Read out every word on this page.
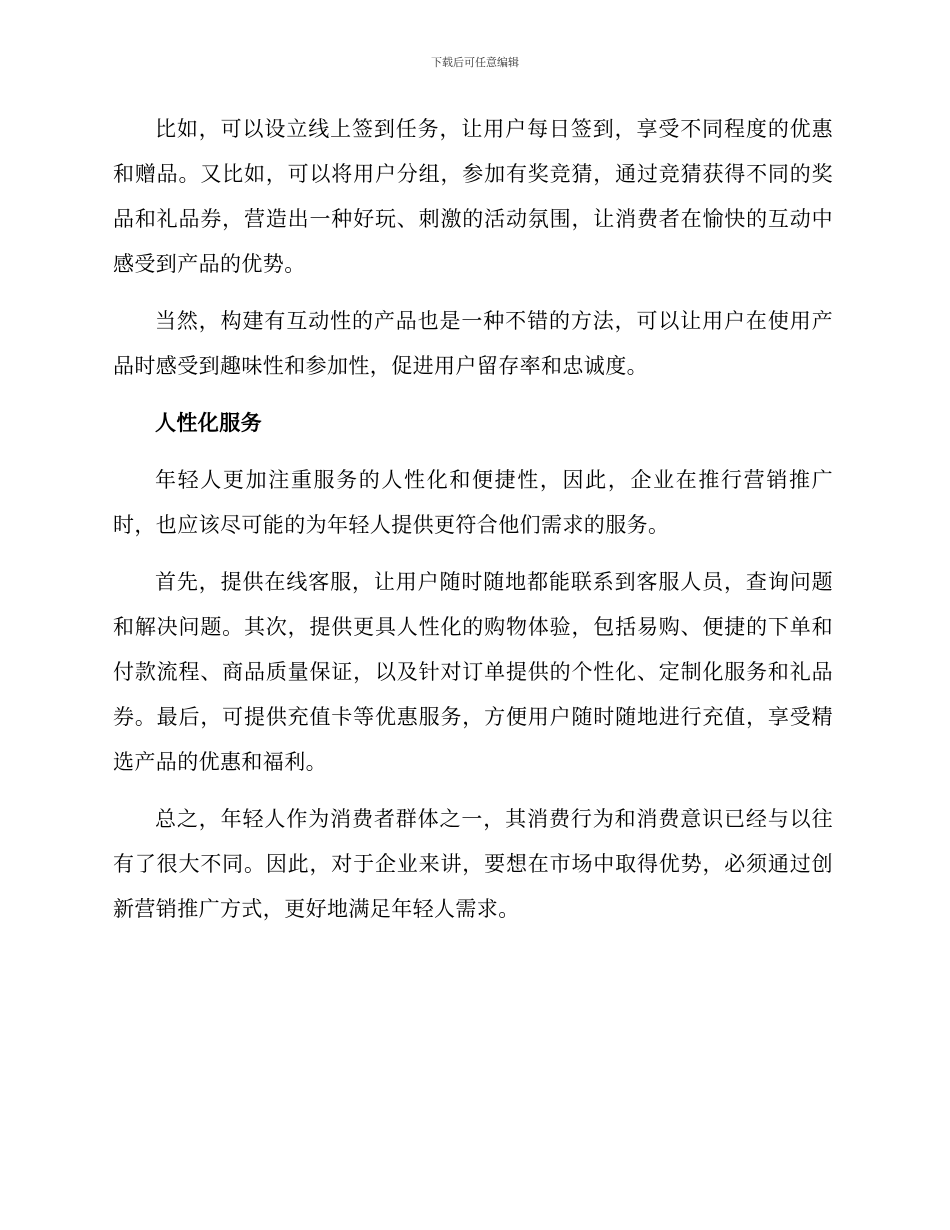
下载后可任意编辑

比如，可以设立线上签到任务，让用户每日签到，享受不同程度的优惠和赠品。又比如，可以将用户分组，参加有奖竞猜，通过竞猜获得不同的奖品和礼品券，营造出一种好玩、刺激的活动氛围，让消费者在愉快的互动中感受到产品的优势。

当然，构建有互动性的产品也是一种不错的方法，可以让用户在使用产品时感受到趣味性和参加性，促进用户留存率和忠诚度。

人性化服务

年轻人更加注重服务的人性化和便捷性，因此，企业在推行营销推广时，也应该尽可能的为年轻人提供更符合他们需求的服务。

首先，提供在线客服，让用户随时随地都能联系到客服人员，查询问题和解决问题。其次，提供更具人性化的购物体验，包括易购、便捷的下单和付款流程、商品质量保证，以及针对订单提供的个性化、定制化服务和礼品券。最后，可提供充值卡等优惠服务，方便用户随时随地进行充值，享受精选产品的优惠和福利。

总之，年轻人作为消费者群体之一，其消费行为和消费意识已经与以往有了很大不同。因此，对于企业来讲，要想在市场中取得优势，必须通过创新营销推广方式，更好地满足年轻人需求。
